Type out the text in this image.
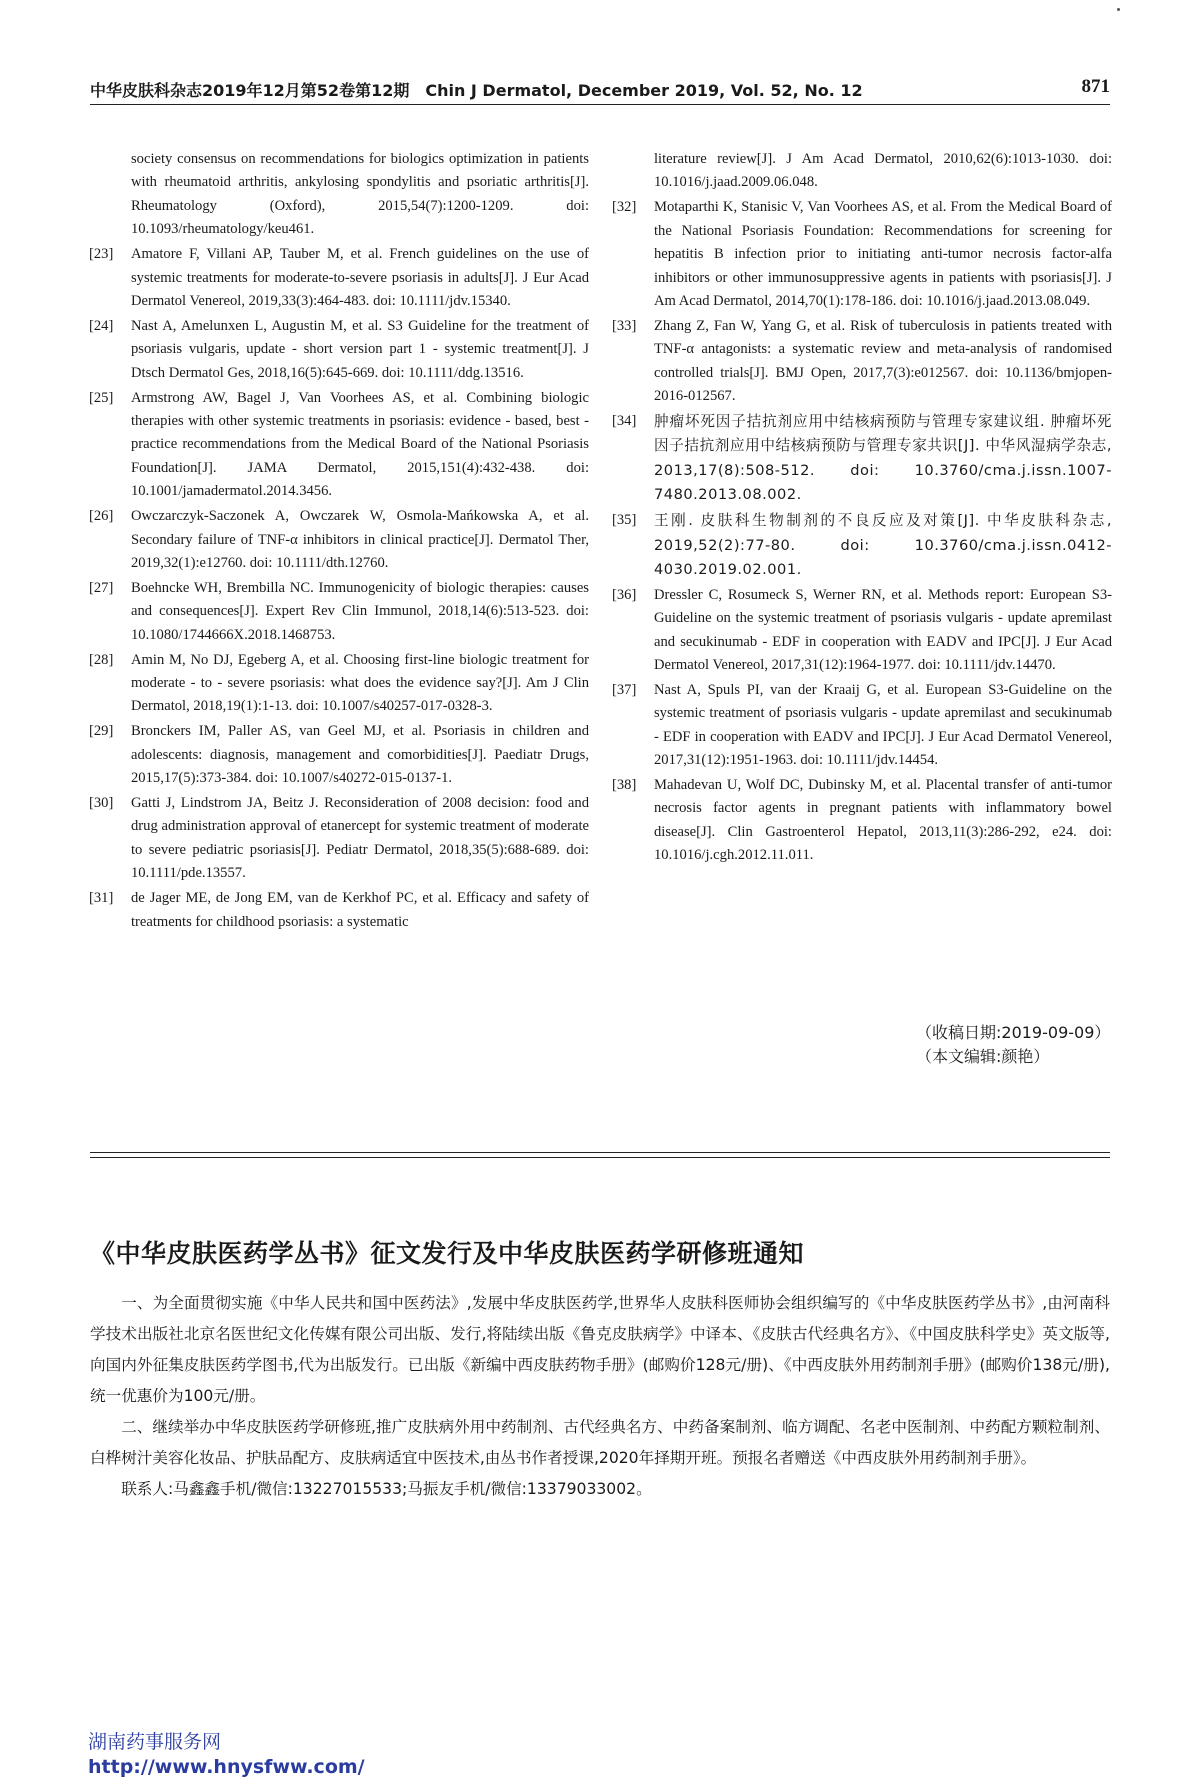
中华皮肤科杂志2019年12月第52卷第12期　Chin J Dermatol, December 2019, Vol. 52, No. 12	871
society consensus on recommendations for biologics optimization in patients with rheumatoid arthritis, ankylosing spondylitis and psoriatic arthritis[J]. Rheumatology (Oxford), 2015,54(7):1200-1209. doi: 10.1093/rheumatology/keu461.
[23] Amatore F, Villani AP, Tauber M, et al. French guidelines on the use of systemic treatments for moderate-to-severe psoriasis in adults[J]. J Eur Acad Dermatol Venereol, 2019,33(3):464-483. doi: 10.1111/jdv.15340.
[24] Nast A, Amelunxen L, Augustin M, et al. S3 Guideline for the treatment of psoriasis vulgaris, update - short version part 1 - systemic treatment[J]. J Dtsch Dermatol Ges, 2018,16(5):645-669. doi: 10.1111/ddg.13516.
[25] Armstrong AW, Bagel J, Van Voorhees AS, et al. Combining biologic therapies with other systemic treatments in psoriasis: evidence - based, best - practice recommendations from the Medical Board of the National Psoriasis Foundation[J]. JAMA Dermatol, 2015,151(4):432-438. doi: 10.1001/jamadermatol.2014.3456.
[26] Owczarczyk-Saczonek A, Owczarek W, Osmola-Mańkowska A, et al. Secondary failure of TNF-α inhibitors in clinical practice[J]. Dermatol Ther, 2019,32(1):e12760. doi: 10.1111/dth.12760.
[27] Boehncke WH, Brembilla NC. Immunogenicity of biologic therapies: causes and consequences[J]. Expert Rev Clin Immunol, 2018,14(6):513-523. doi: 10.1080/1744666X.2018.1468753.
[28] Amin M, No DJ, Egeberg A, et al. Choosing first-line biologic treatment for moderate - to - severe psoriasis: what does the evidence say?[J]. Am J Clin Dermatol, 2018,19(1):1-13. doi: 10.1007/s40257-017-0328-3.
[29] Bronckers IM, Paller AS, van Geel MJ, et al. Psoriasis in children and adolescents: diagnosis, management and comorbidities[J]. Paediatr Drugs, 2015,17(5):373-384. doi: 10.1007/s40272-015-0137-1.
[30] Gatti J, Lindstrom JA, Beitz J. Reconsideration of 2008 decision: food and drug administration approval of etanercept for systemic treatment of moderate to severe pediatric psoriasis[J]. Pediatr Dermatol, 2018,35(5):688-689. doi: 10.1111/pde.13557.
[31] de Jager ME, de Jong EM, van de Kerkhof PC, et al. Efficacy and safety of treatments for childhood psoriasis: a systematic
literature review[J]. J Am Acad Dermatol, 2010,62(6):1013-1030. doi: 10.1016/j.jaad.2009.06.048.
[32] Motaparthi K, Stanisic V, Van Voorhees AS, et al. From the Medical Board of the National Psoriasis Foundation: Recommendations for screening for hepatitis B infection prior to initiating anti-tumor necrosis factor-alfa inhibitors or other immunosuppressive agents in patients with psoriasis[J]. J Am Acad Dermatol, 2014,70(1):178-186. doi: 10.1016/j.jaad.2013.08.049.
[33] Zhang Z, Fan W, Yang G, et al. Risk of tuberculosis in patients treated with TNF-α antagonists: a systematic review and meta-analysis of randomised controlled trials[J]. BMJ Open, 2017,7(3):e012567. doi: 10.1136/bmjopen-2016-012567.
[34] 肿瘤坏死因子拮抗剂应用中结核病预防与管理专家建议组. 肿瘤坏死因子拮抗剂应用中结核病预防与管理专家共识[J]. 中华风湿病学杂志, 2013,17(8):508-512. doi: 10.3760/cma.j.issn.1007-7480.2013.08.002.
[35] 王刚. 皮肤科生物制剂的不良反应及对策[J]. 中华皮肤科杂志, 2019,52(2):77-80. doi: 10.3760/cma.j.issn.0412-4030.2019.02.001.
[36] Dressler C, Rosumeck S, Werner RN, et al. Methods report: European S3-Guideline on the systemic treatment of psoriasis vulgaris - update apremilast and secukinumab - EDF in cooperation with EADV and IPC[J]. J Eur Acad Dermatol Venereol, 2017,31(12):1964-1977. doi: 10.1111/jdv.14470.
[37] Nast A, Spuls PI, van der Kraaij G, et al. European S3-Guideline on the systemic treatment of psoriasis vulgaris - update apremilast and secukinumab - EDF in cooperation with EADV and IPC[J]. J Eur Acad Dermatol Venereol, 2017,31(12):1951-1963. doi: 10.1111/jdv.14454.
[38] Mahadevan U, Wolf DC, Dubinsky M, et al. Placental transfer of anti-tumor necrosis factor agents in pregnant patients with inflammatory bowel disease[J]. Clin Gastroenterol Hepatol, 2013,11(3):286-292, e24. doi: 10.1016/j.cgh.2012.11.011.
（收稿日期:2019-09-09）
（本文编辑:颜艳）
《中华皮肤医药学丛书》征文发行及中华皮肤医药学研修班通知

一、为全面贯彻实施《中华人民共和国中医药法》,发展中华皮肤医药学,世界华人皮肤科医师协会组织编写的《中华皮肤医药学丛书》,由河南科学技术出版社北京名医世纪文化传媒有限公司出版、发行,将陆续出版《鲁克皮肤病学》中译本、《皮肤古代经典名方》、《中国皮肤科学史》英文版等,向国内外征集皮肤医药学图书,代为出版发行。已出版《新编中西皮肤药物手册》(邮购价128元/册)、《中西皮肤外用药制剂手册》(邮购价138元/册),统一优惠价为100元/册。

二、继续举办中华皮肤医药学研修班,推广皮肤病外用中药制剂、古代经典名方、中药备案制剂、临方调配、名老中医制剂、中药配方颗粒制剂、白桦树汁美容化妆品、护肤品配方、皮肤病适宜中医技术,由丛书作者授课,2020年择期开班。预报名者赠送《中西皮肤外用药制剂手册》。

联系人:马鑫鑫手机/微信:13227015533;马振友手机/微信:13379033002。

湖南药事服务网
http://www.hnysfww.com/
